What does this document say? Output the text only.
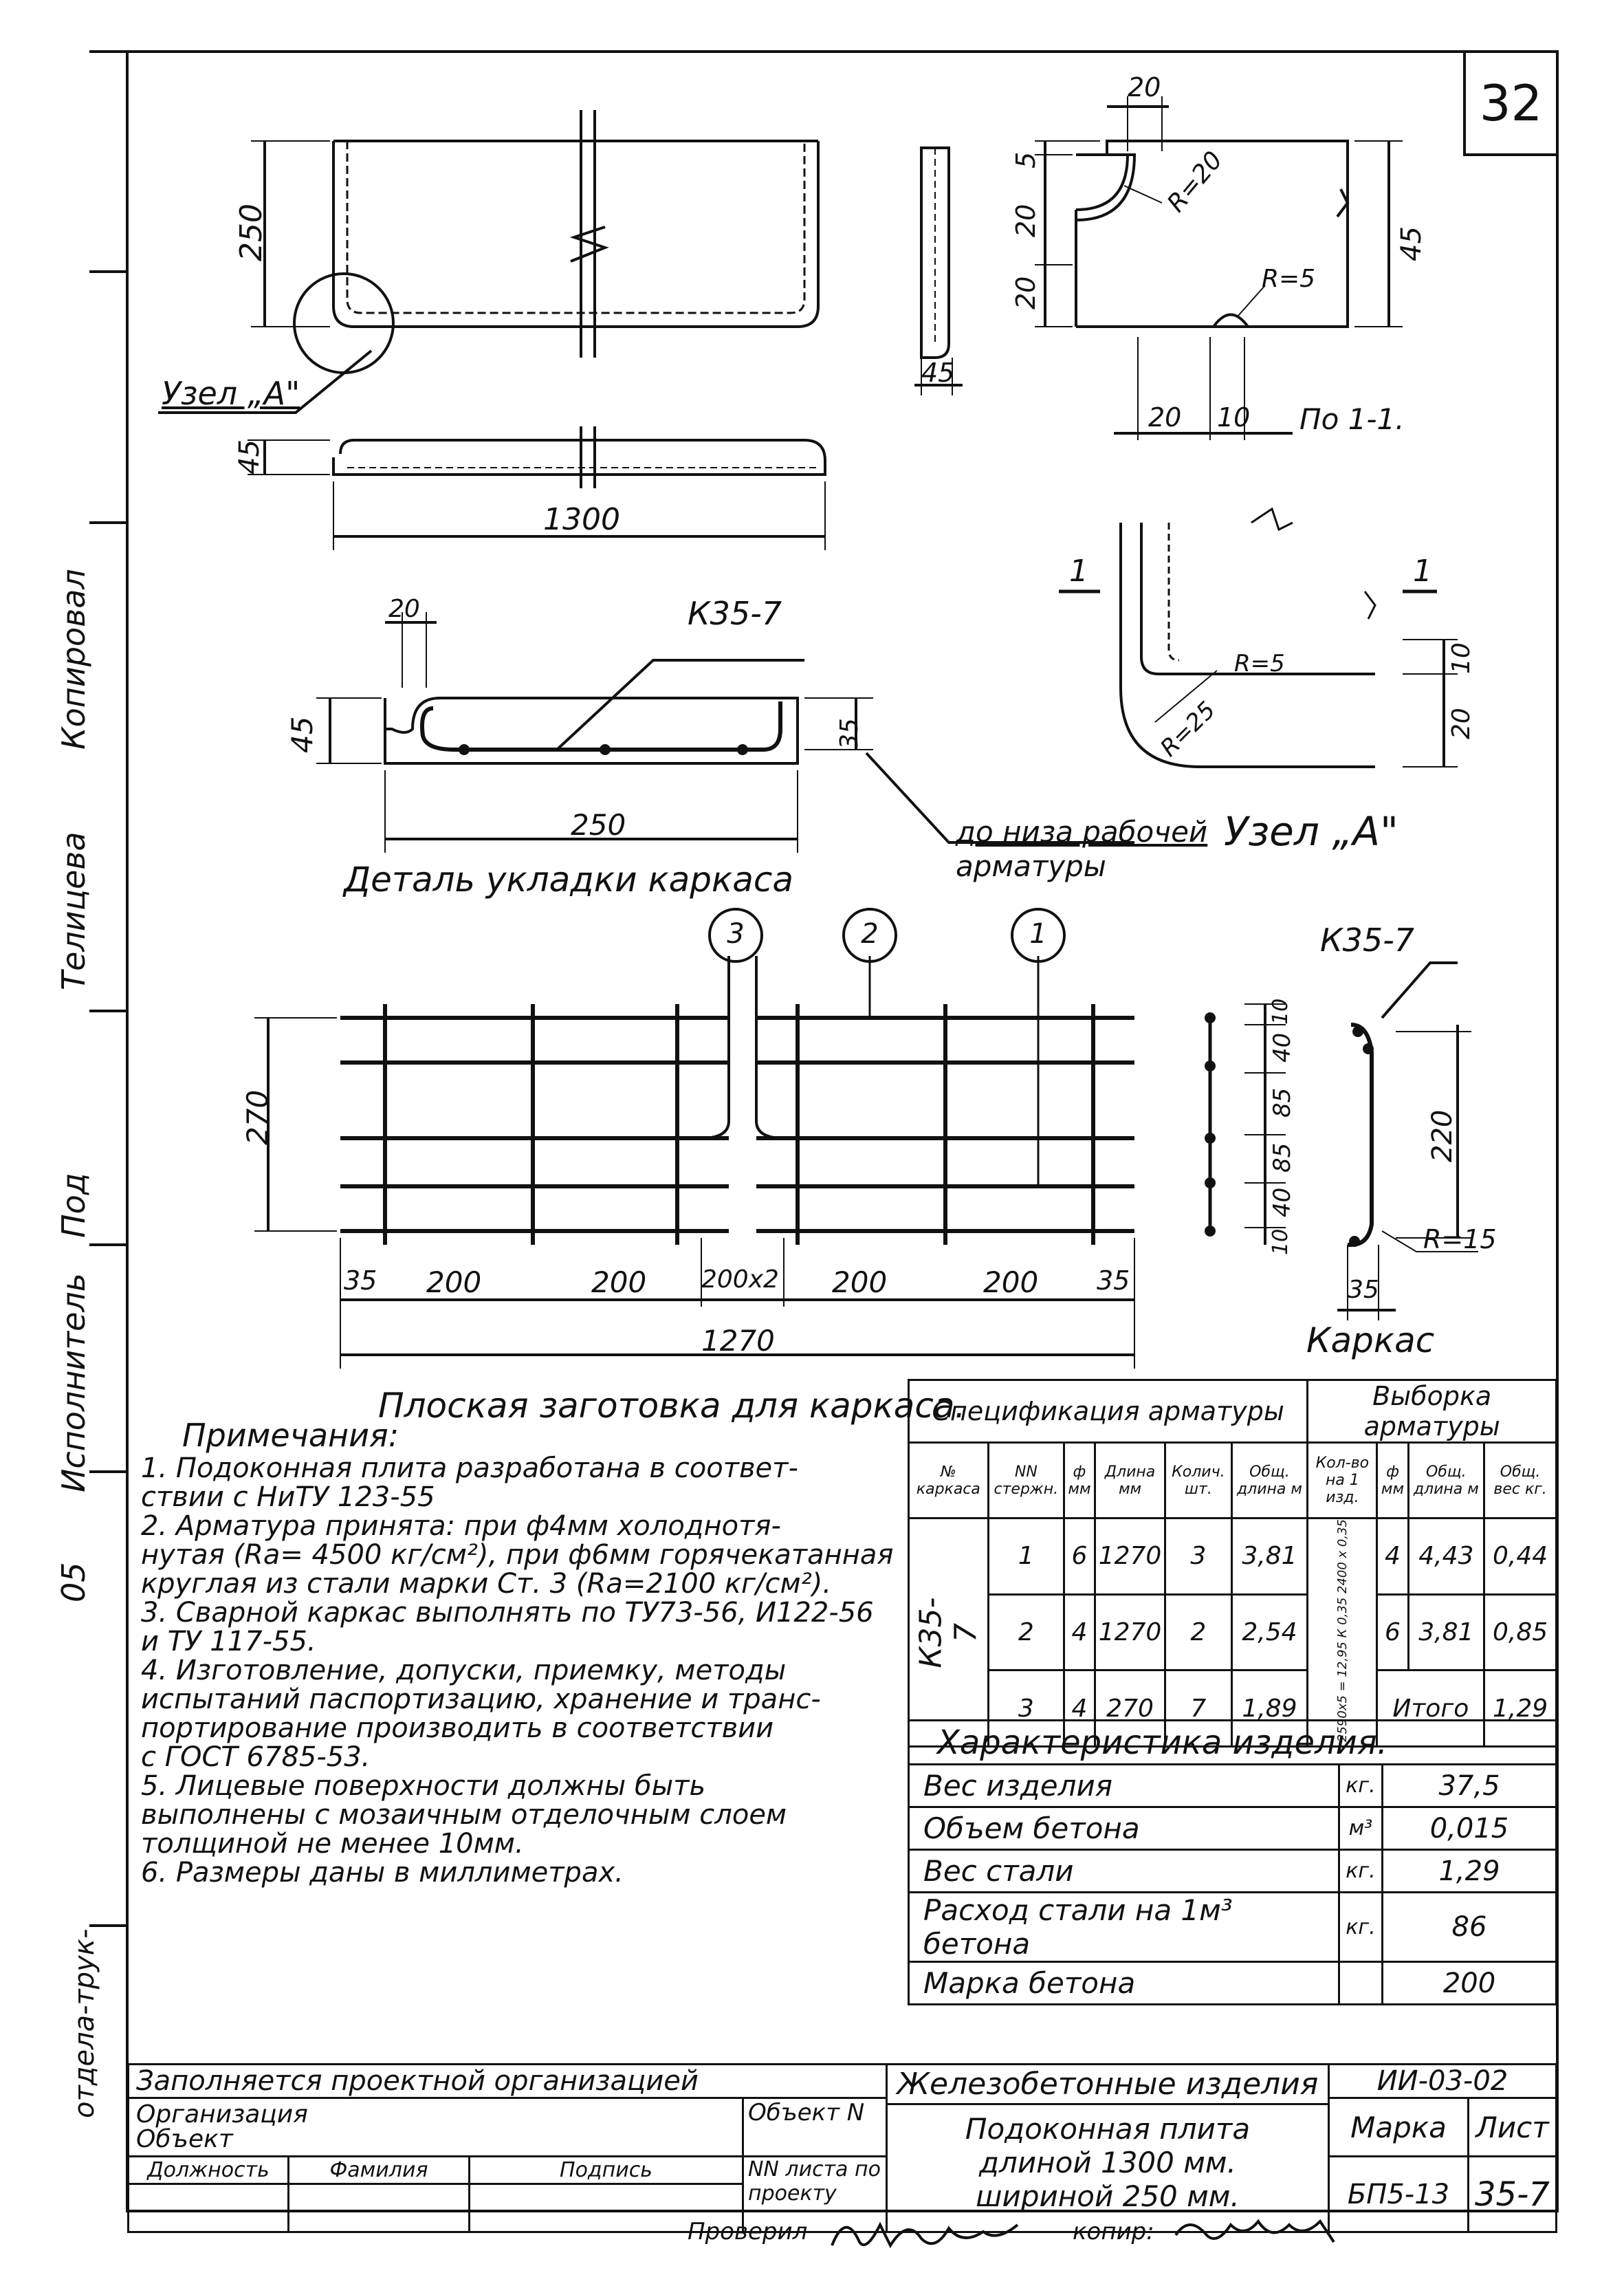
32
Копировал
Телицева
Исполнитель
Под
05
отдела
-трук-
250
45
1300
Узел „А"
45
20
5
20
20
R=20
R=5
45
20 10 По 1-1.
20	К35-7
45	35
250
Деталь укладки каркаса
до низа рабочей
арматуры
1	1
R=25
R=5	10
20
Узел „А"
3	2	1
270
35 200	200 200х2 200	200 35
1270
Плоская заготовка для каркаса.
К35-7
10
40
85
85
40
10
220
35
R=15
Каркас
Примечания:
1. Подоконная плита разработана в соответ-
ствии с НиТУ 123-55
2. Арматура принята: при ф4мм холоднотя-
нутая (Ra= 4500 кг/см²), при ф6мм горячекатанная
круглая из стали марки Ст. 3 (Ra=2100 кг/см²).
3. Сварной каркас выполнять по ТУ73-56, И122-56
и ТУ 117-55.
4. Изготовление, допуски, приемку, методы
испытаний паспортизацию, хранение и транс-
портирование производить в соответствии
с ГОСТ 6785-53.
5. Лицевые поверхности должны быть
выполнены с мозаичным отделочным слоем
толщиной не менее 10мм.
6. Размеры даны в миллиметрах.
Спецификация арматуры						Выборка арматуры			
№ каркаса	NN стержн.	ф мм	Длина мм	Колич. шт.	Общ. длина м	Кол-во на 1 изд.	ф мм	Общ. длина м	Общ. вес кг.
К35-7	1	6	1270	3	3,81	2590х5 = 12,95 К 0,35 2400 х 0,35	4	4,43	0,44
	2	4	1270	2	2,54		6	3,81	0,85
	3	4	270	7	1,89		Итого		1,29
Характеристика изделия.		
Вес изделия	кг.	37,5
Объем бетона	м³	0,015
Вес стали	кг.	1,29
Расход стали на 1м³ бетона	кг.	86
Марка бетона		200
Заполняется проектной организацией				Железобетонные изделия
Подоконная плита
длиной 1300 мм.
шириной 250 мм.	ИИ-03-02	

Организация
Объект			Объект N		Марка	Лист
Должность	Фамилия	Подпись	NN листа по проекту		БП5-13	35-7

Проверил	копир:
